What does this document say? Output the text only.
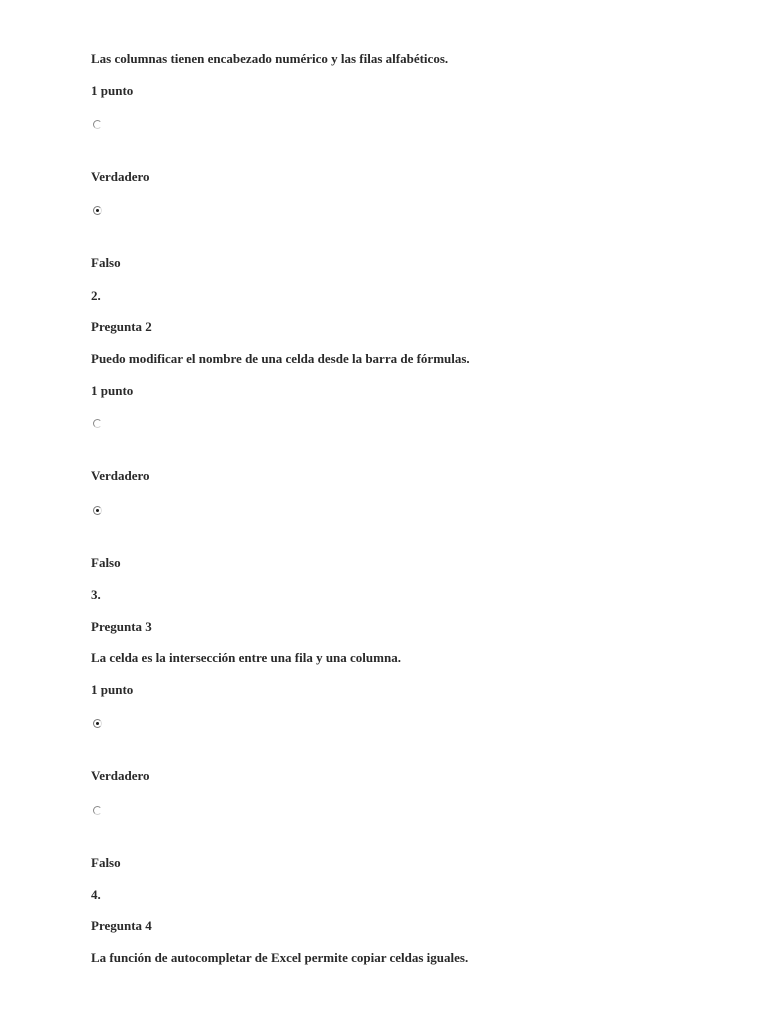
Las columnas tienen encabezado numérico y las filas alfabéticos.
1 punto
Verdadero
Falso
2.
Pregunta 2
Puedo modificar el nombre de una celda desde la barra de fórmulas.
1 punto
Verdadero
Falso
3.
Pregunta 3
La celda es la intersección entre una fila y una columna.
1 punto
Verdadero
Falso
4.
Pregunta 4
La función de autocompletar de Excel permite copiar celdas iguales.
